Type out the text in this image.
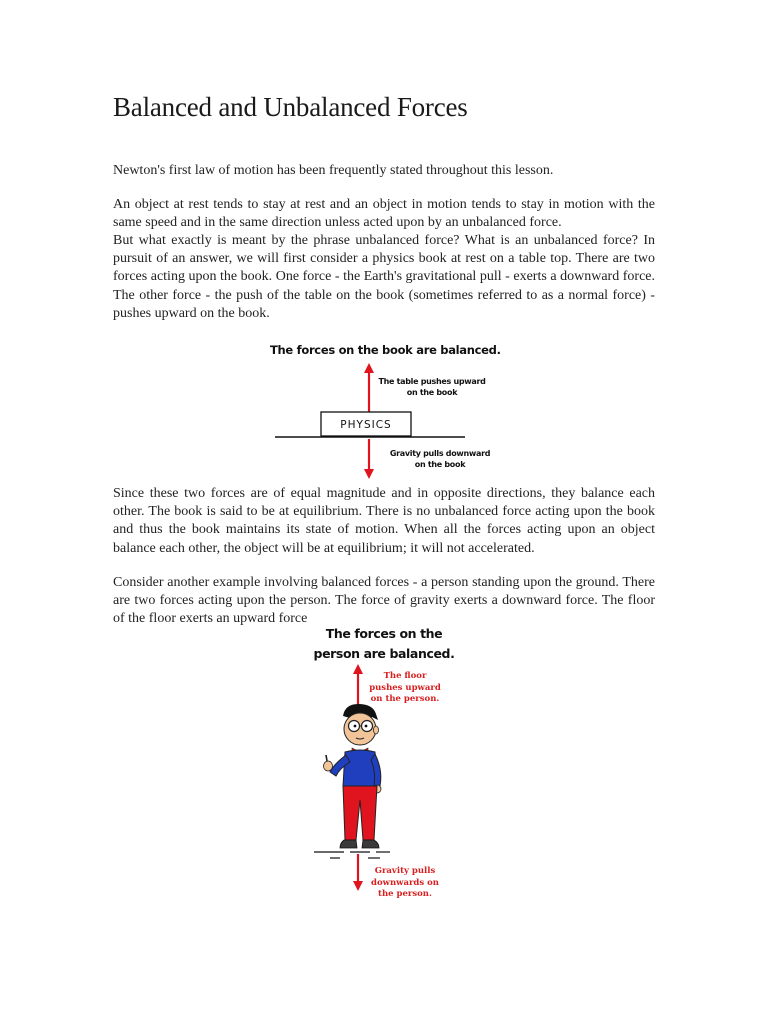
Balanced and Unbalanced Forces

Newton's first law of motion has been frequently stated throughout this lesson.

An object at rest tends to stay at rest and an object in motion tends to stay in motion with the same speed and in the same direction unless acted upon by an unbalanced force.

But what exactly is meant by the phrase unbalanced force? What is an unbalanced force? In pursuit of an answer, we will first consider a physics book at rest on a table top. There are two forces acting upon the book. One force - the Earth's gravitational pull - exerts a downward force. The other force - the push of the table on the book (sometimes referred to as a normal force) - pushes upward on the book.

The forces on the book are balanced.

PHYSICS

The table pushes upward on the book

Gravity pulls downward on the book

Since these two forces are of equal magnitude and in opposite directions, they balance each other. The book is said to be at equilibrium. There is no unbalanced force acting upon the book and thus the book maintains its state of motion. When all the forces acting upon an object balance each other, the object will be at equilibrium; it will not accelerated.

Consider another example involving balanced forces - a person standing upon the ground. There are two forces acting upon the person. The force of gravity exerts a downward force. The floor of the floor exerts an upward force

The forces on the person are balanced.

The floor pushes upward on the person.

Gravity pulls downwards on the person.
